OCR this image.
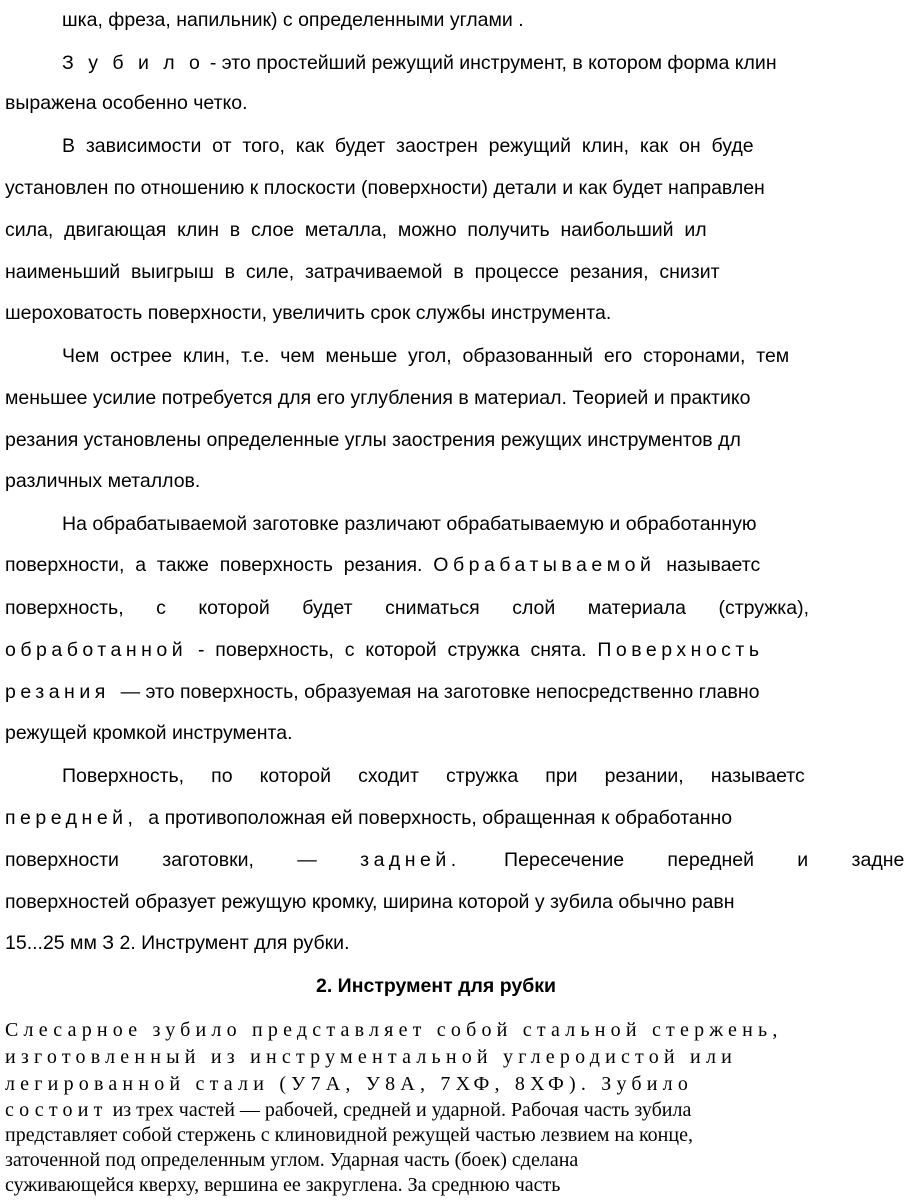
шка, фреза, напильник) с определенными углами .
З у б и л о - это простейший режущий инструмент, в котором форма клин
выражена особенно четко.
В  зависимости  от  того,  как  будет  заострен  режущий  клин,  как  он  буде
установлен по отношению к плоскости (поверхности) детали и как будет направлен
сила,  двигающая  клин  в  слое  металла,  можно  получить  наибольший  ил
наименьший  выигрыш  в  силе,  затрачиваемой  в  процессе  резания,  снизит
шероховатость поверхности, увеличить срок службы инструмента.
Чем  острее  клин,  т.е.  чем  меньше  угол,  образованный  его  сторонами,  тем
меньшее усилие потребуется для его углубления в материал. Теорией и практико
резания установлены определенные углы заострения режущих инструментов дл
различных металлов.
На обрабатываемой заготовке различают обрабатываемую и обработанную
поверхности,  а  также  поверхность  резания.  Обрабатываемой  называетс
поверхность,      с      которой      будет      сниматься      слой      материала      (стружка),
обработанной  -  поверхность,  с  которой  стружка  снята.  Поверхность
резания  — это поверхность, образуемая на заготовке непосредственно главно
режущей кромкой инструмента.
Поверхность,     по     которой     сходит     стружка     при     резании,     называетс
передней,  а противоположная ей поверхность, обращенная к обработанно
поверхности        заготовки,        —        задней.        Пересечение        передней        и        задне
поверхностей образует режущую кромку, ширина которой у зубила обычно равн
15...25 мм З 2. Инструмент для рубки.
2. Инструмент для рубки
Слесарное зубило представляет собой стальной стержень,
изготовленный из инструментальной углеродистой или
легированной стали (У7А, У8А, 7ХФ, 8ХФ). Зубило
состоит из трех частей — рабочей, средней и ударной. Рабочая часть зубила
представляет собой стержень с клиновидной режущей частью лезвием на конце,
заточенной под определенным углом. Ударная часть (боек) сделана
суживающейся кверху, вершина ее закруглена. За среднюю часть
